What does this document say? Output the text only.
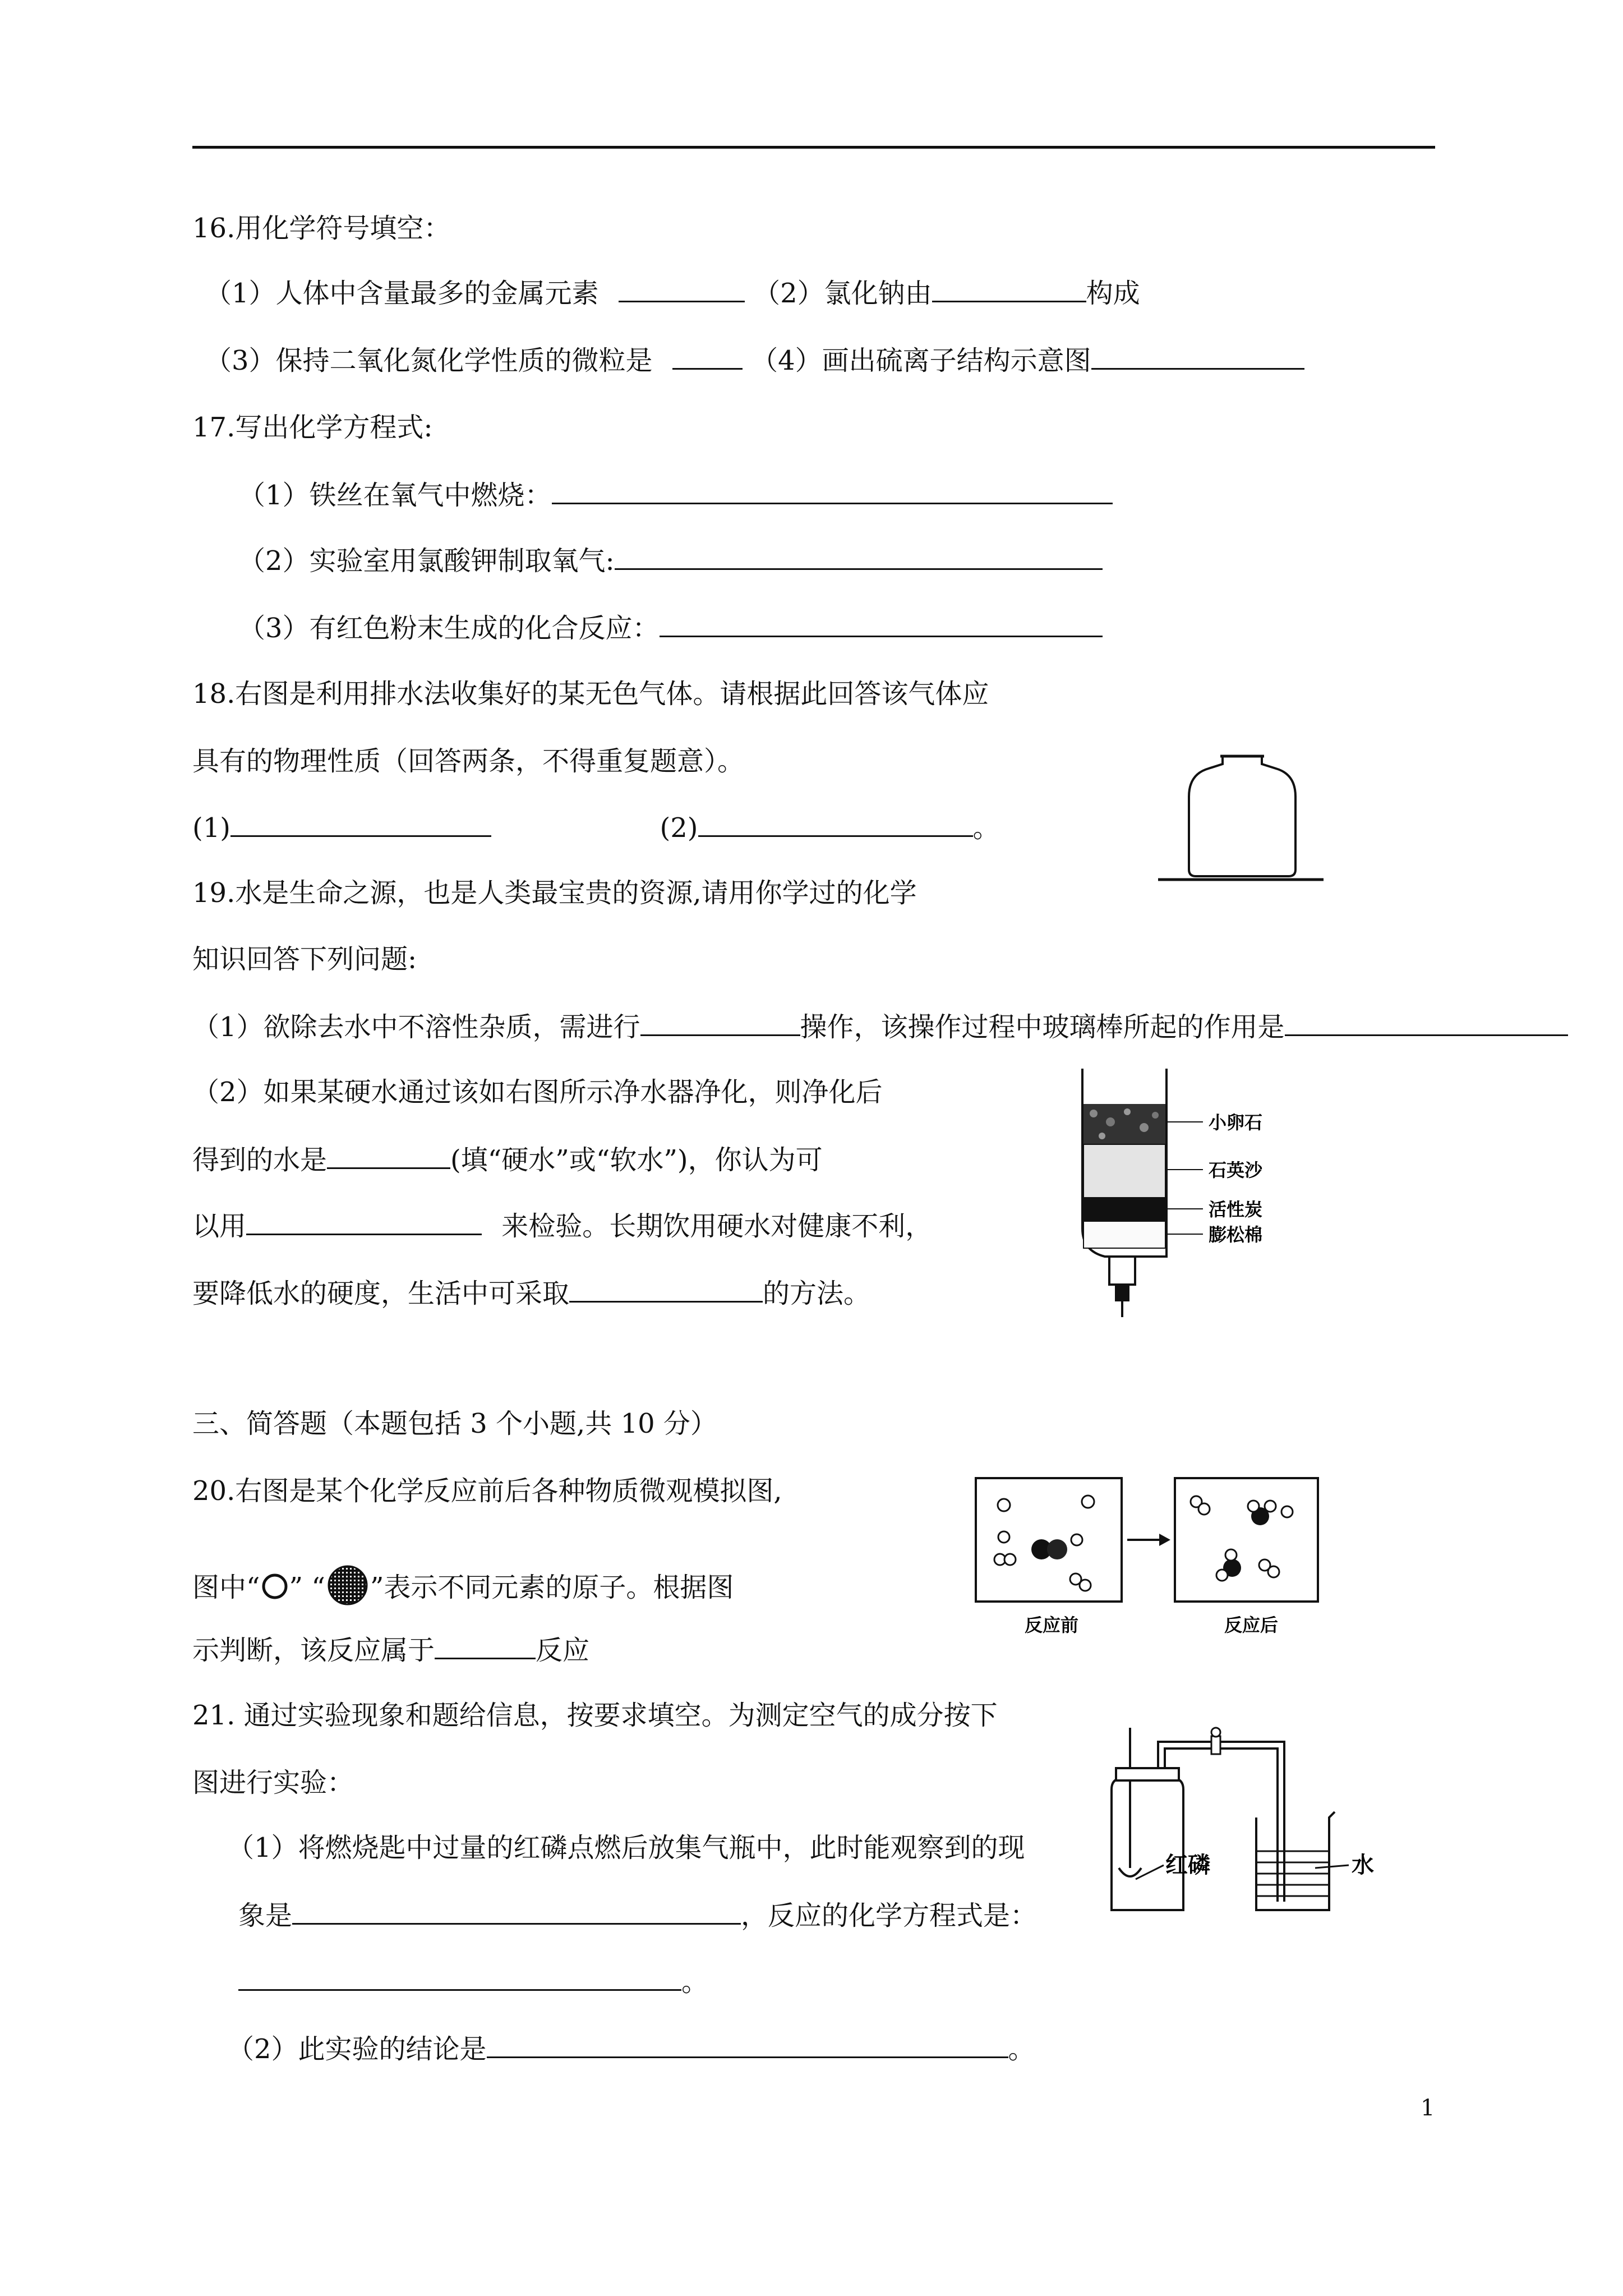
16.用化学符号填空：
（1）人体中含量最多的金属元素	（2）氯化钠由	构成
（3）保持二氧化氮化学性质的微粒是	（4）画出硫离子结构示意图
17.写出化学方程式:
（1）铁丝在氧气中燃烧：
（2）实验室用氯酸钾制取氧气:
（3）有红色粉末生成的化合反应：
18.右图是利用排水法收集好的某无色气体。请根据此回答该气体应
具有的物理性质（回答两条，不得重复题意）。
(1)	(2)	。
19.水是生命之源，也是人类最宝贵的资源,请用你学过的化学
知识回答下列问题:
（1）欲除去水中不溶性杂质，需进行	操作，该操作过程中玻璃棒所起的作用是
（2）如果某硬水通过该如右图所示净水器净化，则净化后
得到的水是	(填“硬水”或“软水”)，你认为可
以用	来检验。长期饮用硬水对健康不利，
要降低水的硬度，生活中可采取	的方法。
小卵石
石英沙
活性炭
膨松棉
三、简答题（本题包括 3 个小题,共 10 分）
20.右图是某个化学反应前后各种物质微观模拟图,
图中“ ” “ ”表示不同元素的原子。根据图
示判断，该反应属于	反应
反应前	反应后
21. 通过实验现象和题给信息，按要求填空。为测定空气的成分按下
图进行实验：
（1）将燃烧匙中过量的红磷点燃后放集气瓶中，此时能观察到的现
象是	，反应的化学方程式是：
。
（2）此实验的结论是	。
红磷	水
1
